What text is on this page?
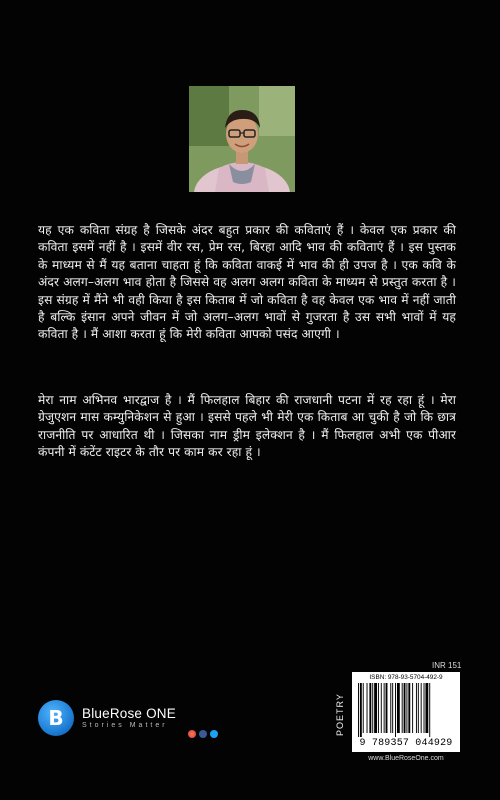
यह एक कविता संग्रह है जिसके अंदर बहुत प्रकार की कविताएं हैं । केवल एक प्रकार की कविता इसमें नहीं है । इसमें वीर रस, प्रेम रस, बिरहा आदि भाव की कविताएं हैं । इस पुस्तक के माध्यम से मैं यह बताना चाहता हूं कि कविता वाकई में भाव की ही उपज है । एक कवि के अंदर अलग–अलग भाव होता है जिससे वह अलग अलग कविता के माध्यम से प्रस्तुत करता है । इस संग्रह में मैंने भी वही किया है इस किताब में जो कविता है वह केवल एक भाव में नहीं जाती है बल्कि इंसान अपने जीवन में जो अलग–अलग भावों से गुजरता है उस सभी भावों में यह कविता है । मैं आशा करता हूं कि मेरी कविता आपको पसंद आएगी ।
मेरा नाम अभिनव भारद्वाज है । मैं फिलहाल बिहार की राजधानी पटना में रह रहा हूं । मेरा ग्रेजुएशन मास कम्युनिकेशन से हुआ । इससे पहले भी मेरी एक किताब आ चुकी है जो कि छात्र राजनीति पर आधारित थी । जिसका नाम ड्रीम इलेक्शन है । मैं फिलहाल अभी एक पीआर कंपनी में कंटेंट राइटर के तौर पर काम कर रहा हूं ।
B	BlueRose ONE
Stories Matter
INR 151
POETRY
ISBN: 978-93-5704-492-9
9 789357 044929
www.BlueRoseOne.com
